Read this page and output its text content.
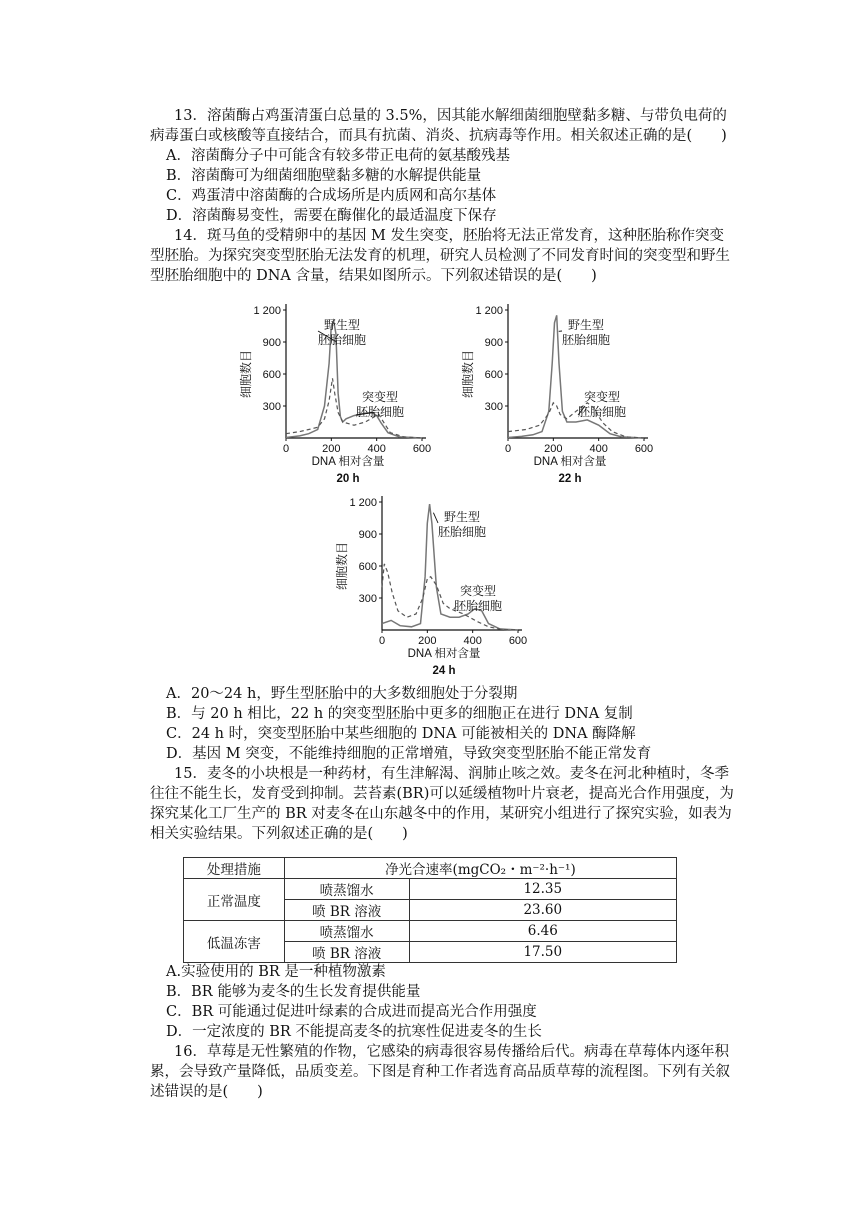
13．溶菌酶占鸡蛋清蛋白总量的 3.5%，因其能水解细菌细胞壁黏多糖、与带负电荷的
病毒蛋白或核酸等直接结合，而具有抗菌、消炎、抗病毒等作用。相关叙述正确的是(　　)
A．溶菌酶分子中可能含有较多带正电荷的氨基酸残基
B．溶菌酶可为细菌细胞壁黏多糖的水解提供能量
C．鸡蛋清中溶菌酶的合成场所是内质网和高尔基体
D．溶菌酶易变性，需要在酶催化的最适温度下保存
14．斑马鱼的受精卵中的基因 M 发生突变，胚胎将无法正常发育，这种胚胎称作突变
型胚胎。为探究突变型胚胎无法发育的机理，研究人员检测了不同发育时间的突变型和野生
型胚胎细胞中的 DNA 含量，结果如图所示。下列叙述错误的是(　　)
0	200 400 600
300
600
900
1 200
DNA 相对含量
20 h
细胞数目
野生型
胚胎细胞
突变型
胚胎细胞
0	200 400 600
300
600
900
1 200
DNA 相对含量
22 h
细胞数目
野生型
胚胎细胞
突变型
胚胎细胞
0	200 400 600
300
600
900
1 200
DNA 相对含量
24 h
细胞数目
野生型
胚胎细胞
突变型
胚胎细胞
A．20～24 h，野生型胚胎中的大多数细胞处于分裂期
B．与 20 h 相比，22 h 的突变型胚胎中更多的细胞正在进行 DNA 复制
C．24 h 时，突变型胚胎中某些细胞的 DNA 可能被相关的 DNA 酶降解
D．基因 M 突变，不能维持细胞的正常增殖，导致突变型胚胎不能正常发育
15．麦冬的小块根是一种药材，有生津解渴、润肺止咳之效。麦冬在河北种植时，冬季
往往不能生长，发育受到抑制。芸苔素(BR)可以延缓植物叶片衰老，提高光合作用强度，为
探究某化工厂生产的 BR 对麦冬在山东越冬中的作用，某研究小组进行了探究实验，如表为
相关实验结果。下列叙述正确的是(　　)
处理措施	净光合速率(mgCO₂・m⁻²·h⁻¹)	
正常温度	喷蒸馏水	12.35
	喷 BR 溶液	23.60
低温冻害	喷蒸馏水	6.46
	喷 BR 溶液	17.50
A.实验使用的 BR 是一种植物激素
B．BR 能够为麦冬的生长发育提供能量
C．BR 可能通过促进叶绿素的合成进而提高光合作用强度
D．一定浓度的 BR 不能提高麦冬的抗寒性促进麦冬的生长
16．草莓是无性繁殖的作物，它感染的病毒很容易传播给后代。病毒在草莓体内逐年积
累，会导致产量降低，品质变差。下图是育种工作者选育高品质草莓的流程图。下列有关叙
述错误的是(　　)
